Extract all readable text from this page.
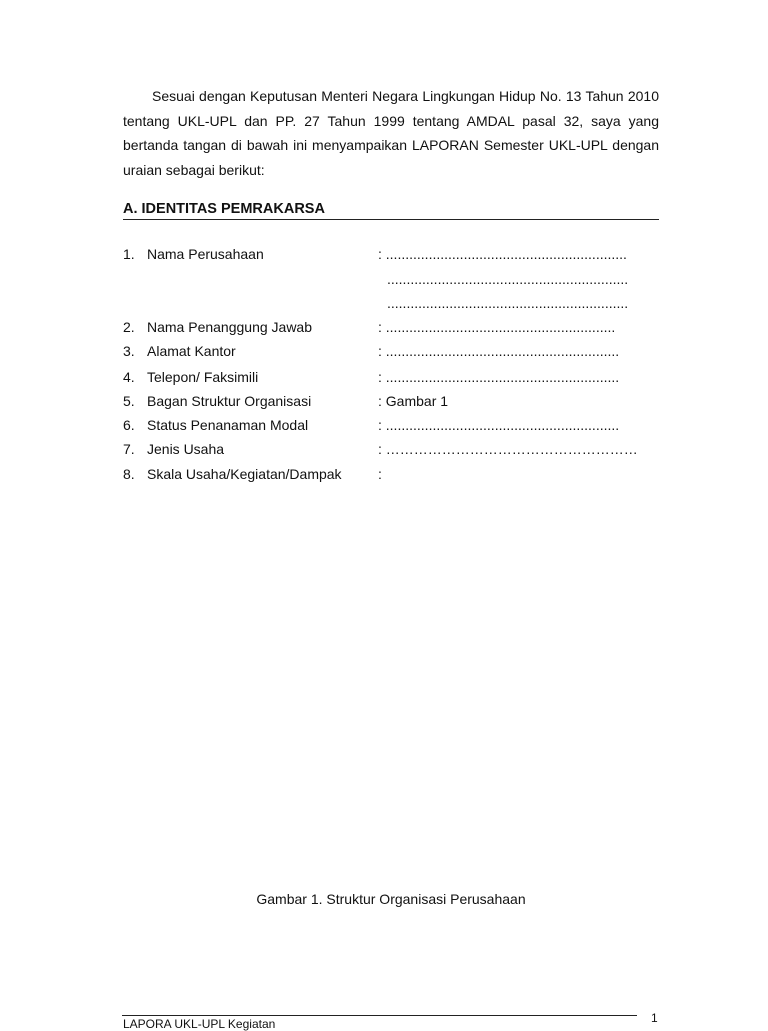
Sesuai dengan Keputusan Menteri Negara Lingkungan Hidup No. 13 Tahun 2010 tentang UKL-UPL dan PP. 27 Tahun 1999 tentang AMDAL pasal 32, saya yang bertanda tangan di bawah ini menyampaikan LAPORAN Semester UKL-UPL dengan uraian sebagai berikut:

A. IDENTITAS PEMRAKARSA
1. Nama Perusahaan	: ..............................................................
..............................................................
..............................................................
2. Nama Penanggung Jawab	: ...........................................................
3. Alamat Kantor	: ............................................................
4. Telepon/ Faksimili	: ............................................................
5. Bagan Struktur Organisasi	: Gambar 1
6. Status Penanaman Modal	: ............................................................
7. Jenis Usaha	: ………………………………………………
8. Skala Usaha/Kegiatan/Dampak	:

Gambar 1. Struktur Organisasi Perusahaan

LAPORA UKL-UPL Kegiatan	1
